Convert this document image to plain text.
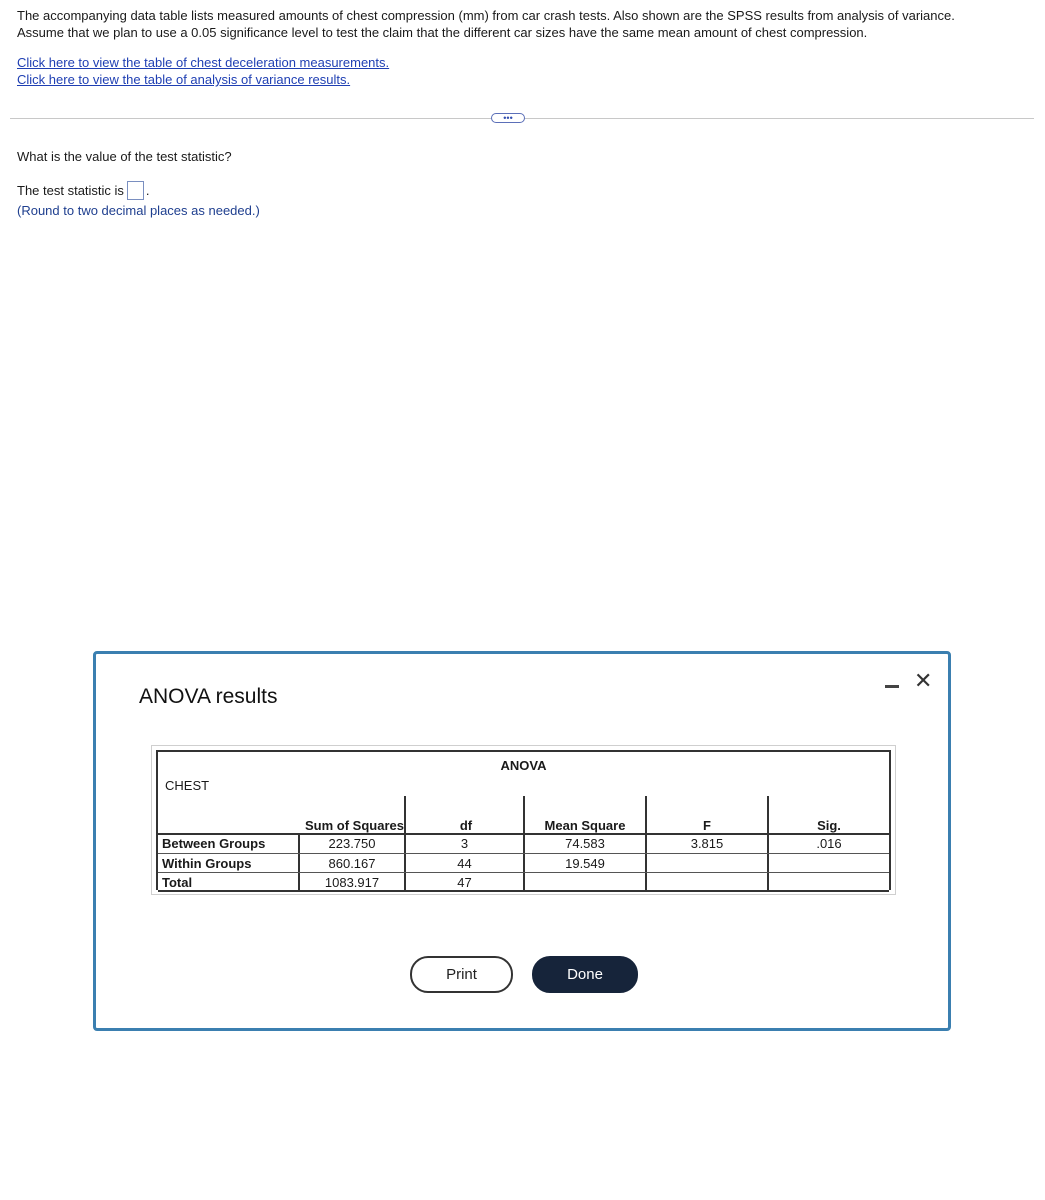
The accompanying data table lists measured amounts of chest compression (mm) from car crash tests. Also shown are the SPSS results from analysis of variance.

Assume that we plan to use a 0.05 significance level to test the claim that the different car sizes have the same mean amount of chest compression.

Click here to view the table of chest deceleration measurements.
Click here to view the table of analysis of variance results.
•••
What is the value of the test statistic?
The test statistic is .
(Round to two decimal places as needed.)
ANOVA results
✕
ANOVA
CHEST
Sum of Squares	df	Mean Square	F	Sig.
Between Groups	223.750	3	74.583	3.815	.016
Within Groups	860.167	44	19.549
Total	1083.917	47
Print	Done
